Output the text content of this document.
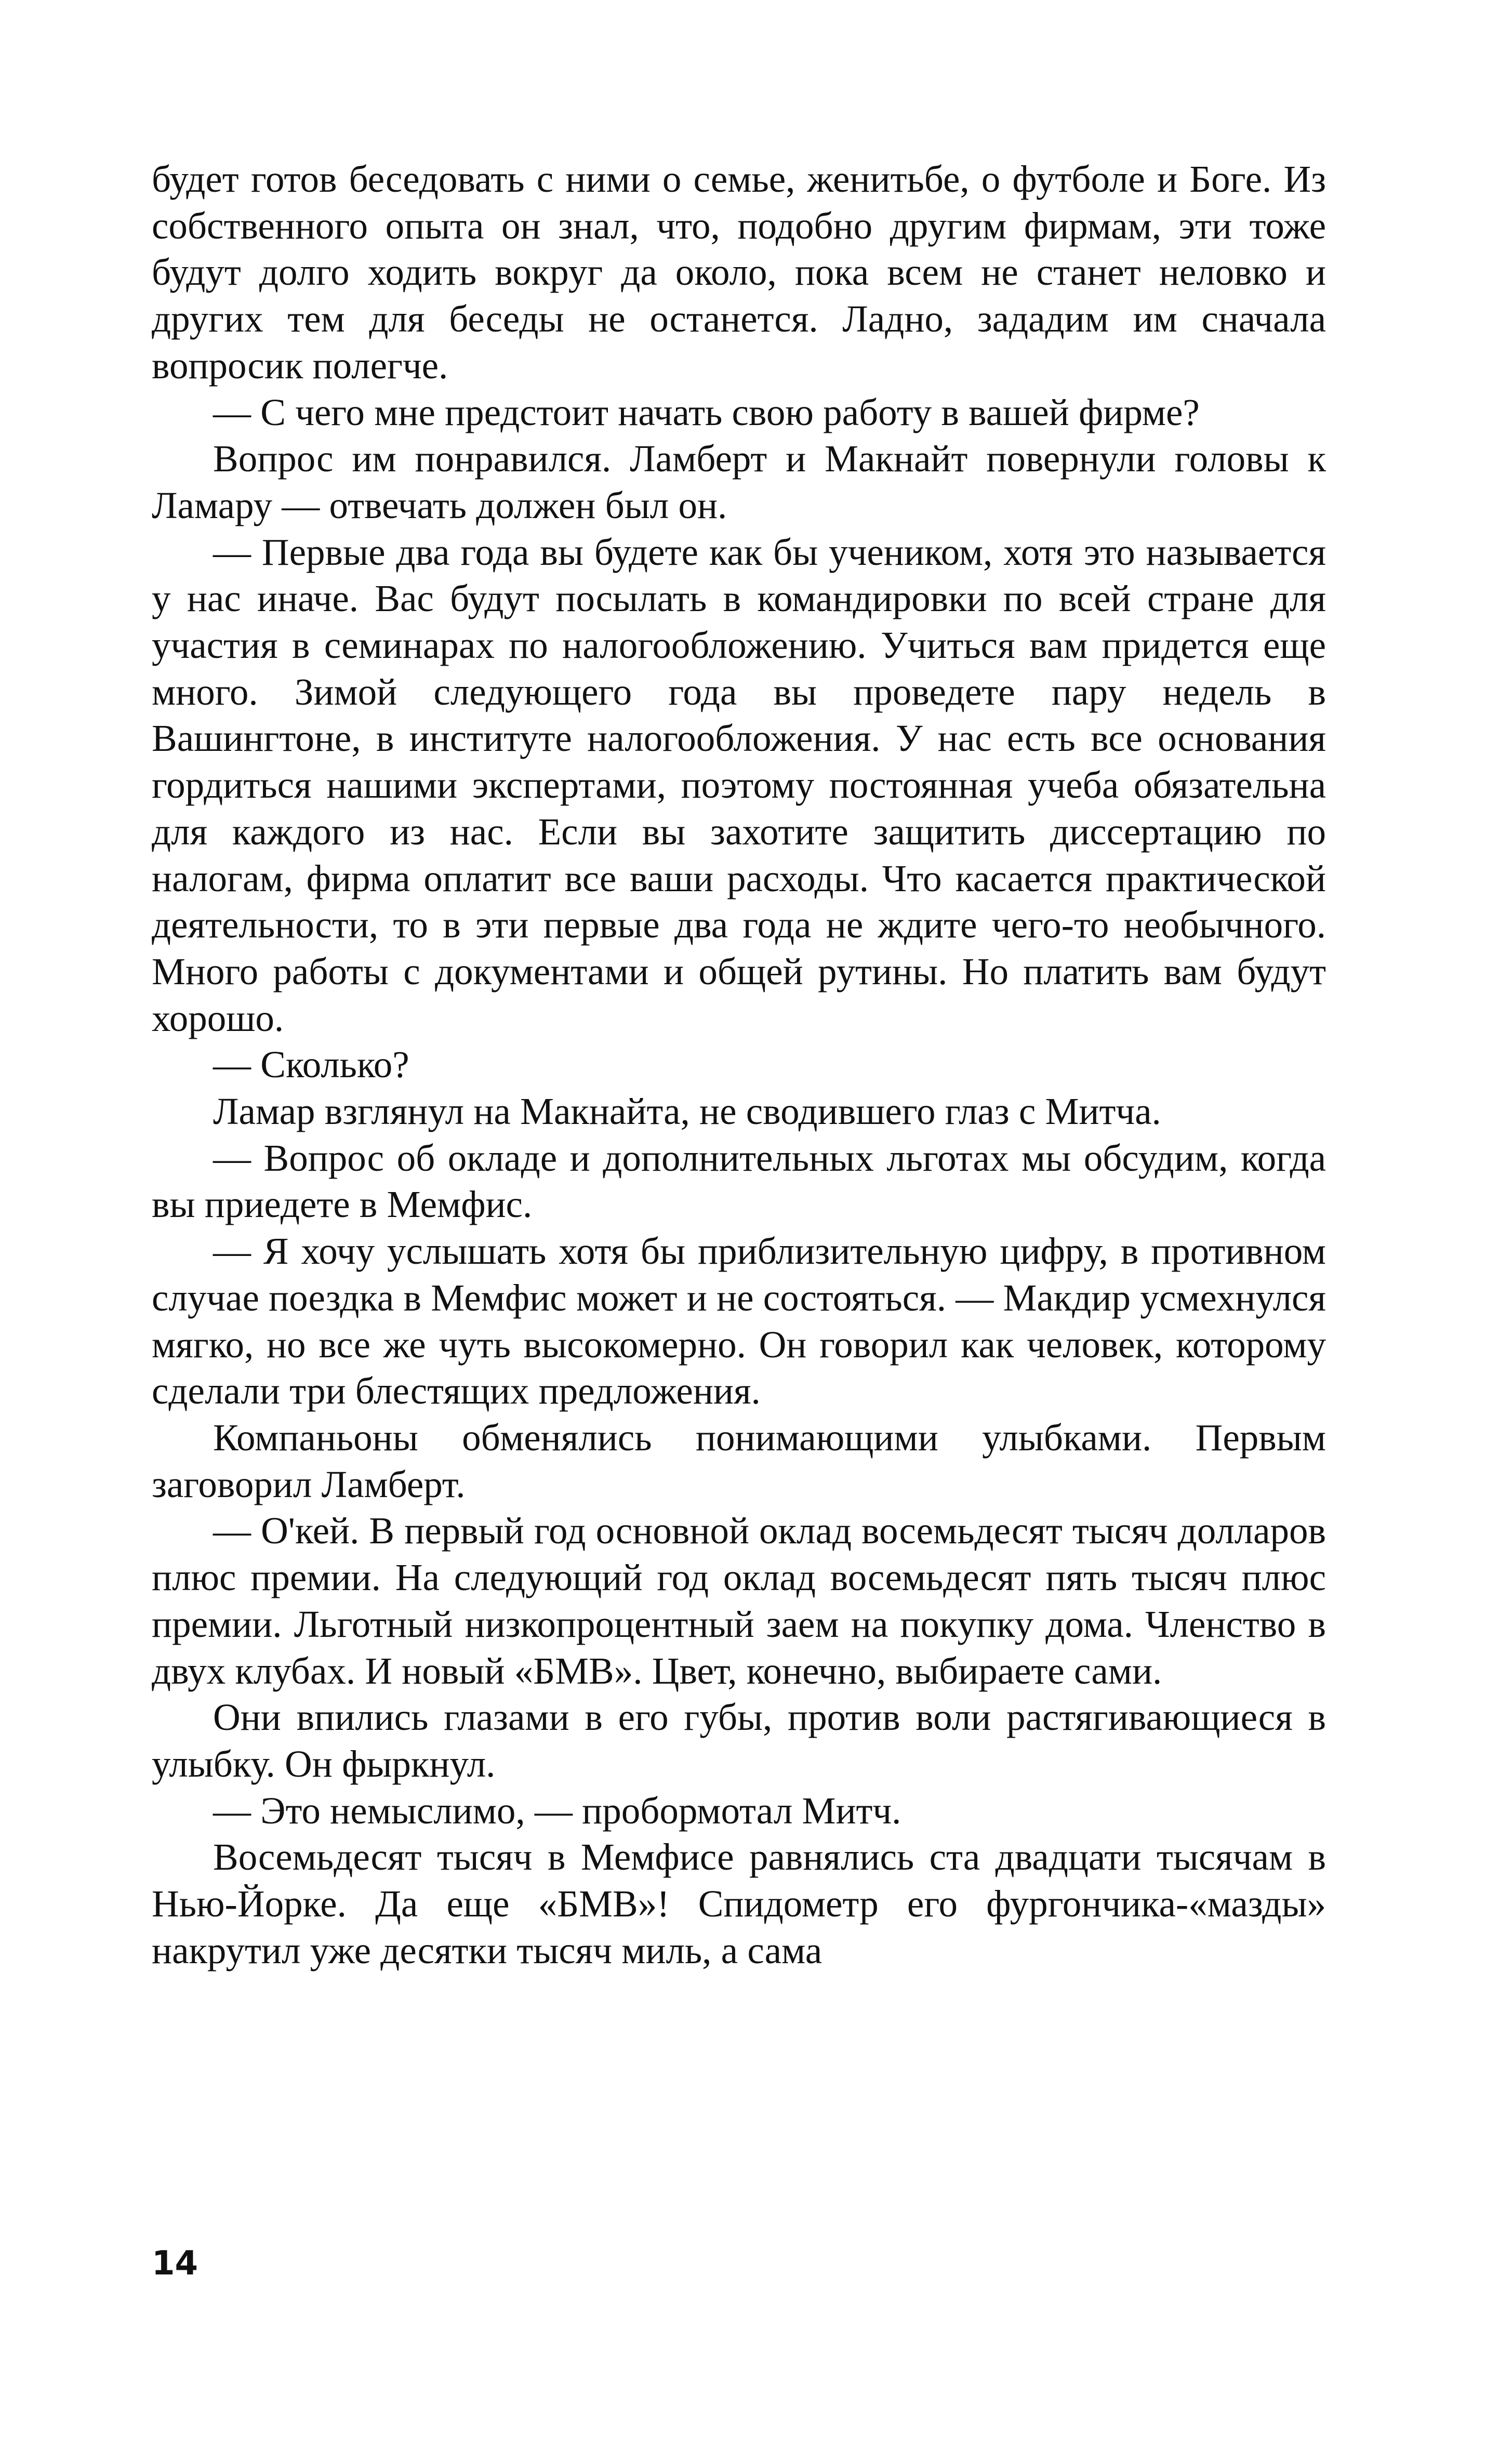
будет готов беседовать с ними о семье, женитьбе, о футболе и Боге. Из собственного опыта он знал, что, подобно другим фирмам, эти тоже будут долго ходить вокруг да около, пока всем не станет неловко и других тем для беседы не останется. Ладно, зададим им сначала вопросик полегче.

— С чего мне предстоит начать свою работу в вашей фирме?

Вопрос им понравился. Ламберт и Макнайт повернули головы к Ламару — отвечать должен был он.

— Первые два года вы будете как бы учеником, хотя это называется у нас иначе. Вас будут посылать в командировки по всей стране для участия в семинарах по налогообложению. Учиться вам придется еще много. Зимой следующего года вы проведете пару недель в Вашингтоне, в институте налогообложения. У нас есть все основания гордиться нашими экспертами, поэтому постоянная учеба обязательна для каждого из нас. Если вы захотите защитить диссертацию по налогам, фирма оплатит все ваши расходы. Что касается практической деятельности, то в эти первые два года не ждите чего-то необычного. Много работы с документами и общей рутины. Но платить вам будут хорошо.

— Сколько?

Ламар взглянул на Макнайта, не сводившего глаз с Митча.

— Вопрос об окладе и дополнительных льготах мы обсудим, когда вы приедете в Мемфис.

— Я хочу услышать хотя бы приблизительную цифру, в противном случае поездка в Мемфис может и не состояться. — Макдир усмехнулся мягко, но все же чуть высокомерно. Он говорил как человек, которому сделали три блестящих предложения.

Компаньоны обменялись понимающими улыбками. Первым заговорил Ламберт.

— О'кей. В первый год основной оклад восемьдесят тысяч долларов плюс премии. На следующий год оклад восемьдесят пять тысяч плюс премии. Льготный низкопроцентный заем на покупку дома. Членство в двух клубах. И новый «БМВ». Цвет, конечно, выбираете сами.

Они впились глазами в его губы, против воли растягивающиеся в улыбку. Он фыркнул.

— Это немыслимо, — пробормотал Митч.

Восемьдесят тысяч в Мемфисе равнялись ста двадцати тысячам в Нью-Йорке. Да еще «БМВ»! Спидометр его фургончика-«мазды» накрутил уже десятки тысяч миль, а сама

14
